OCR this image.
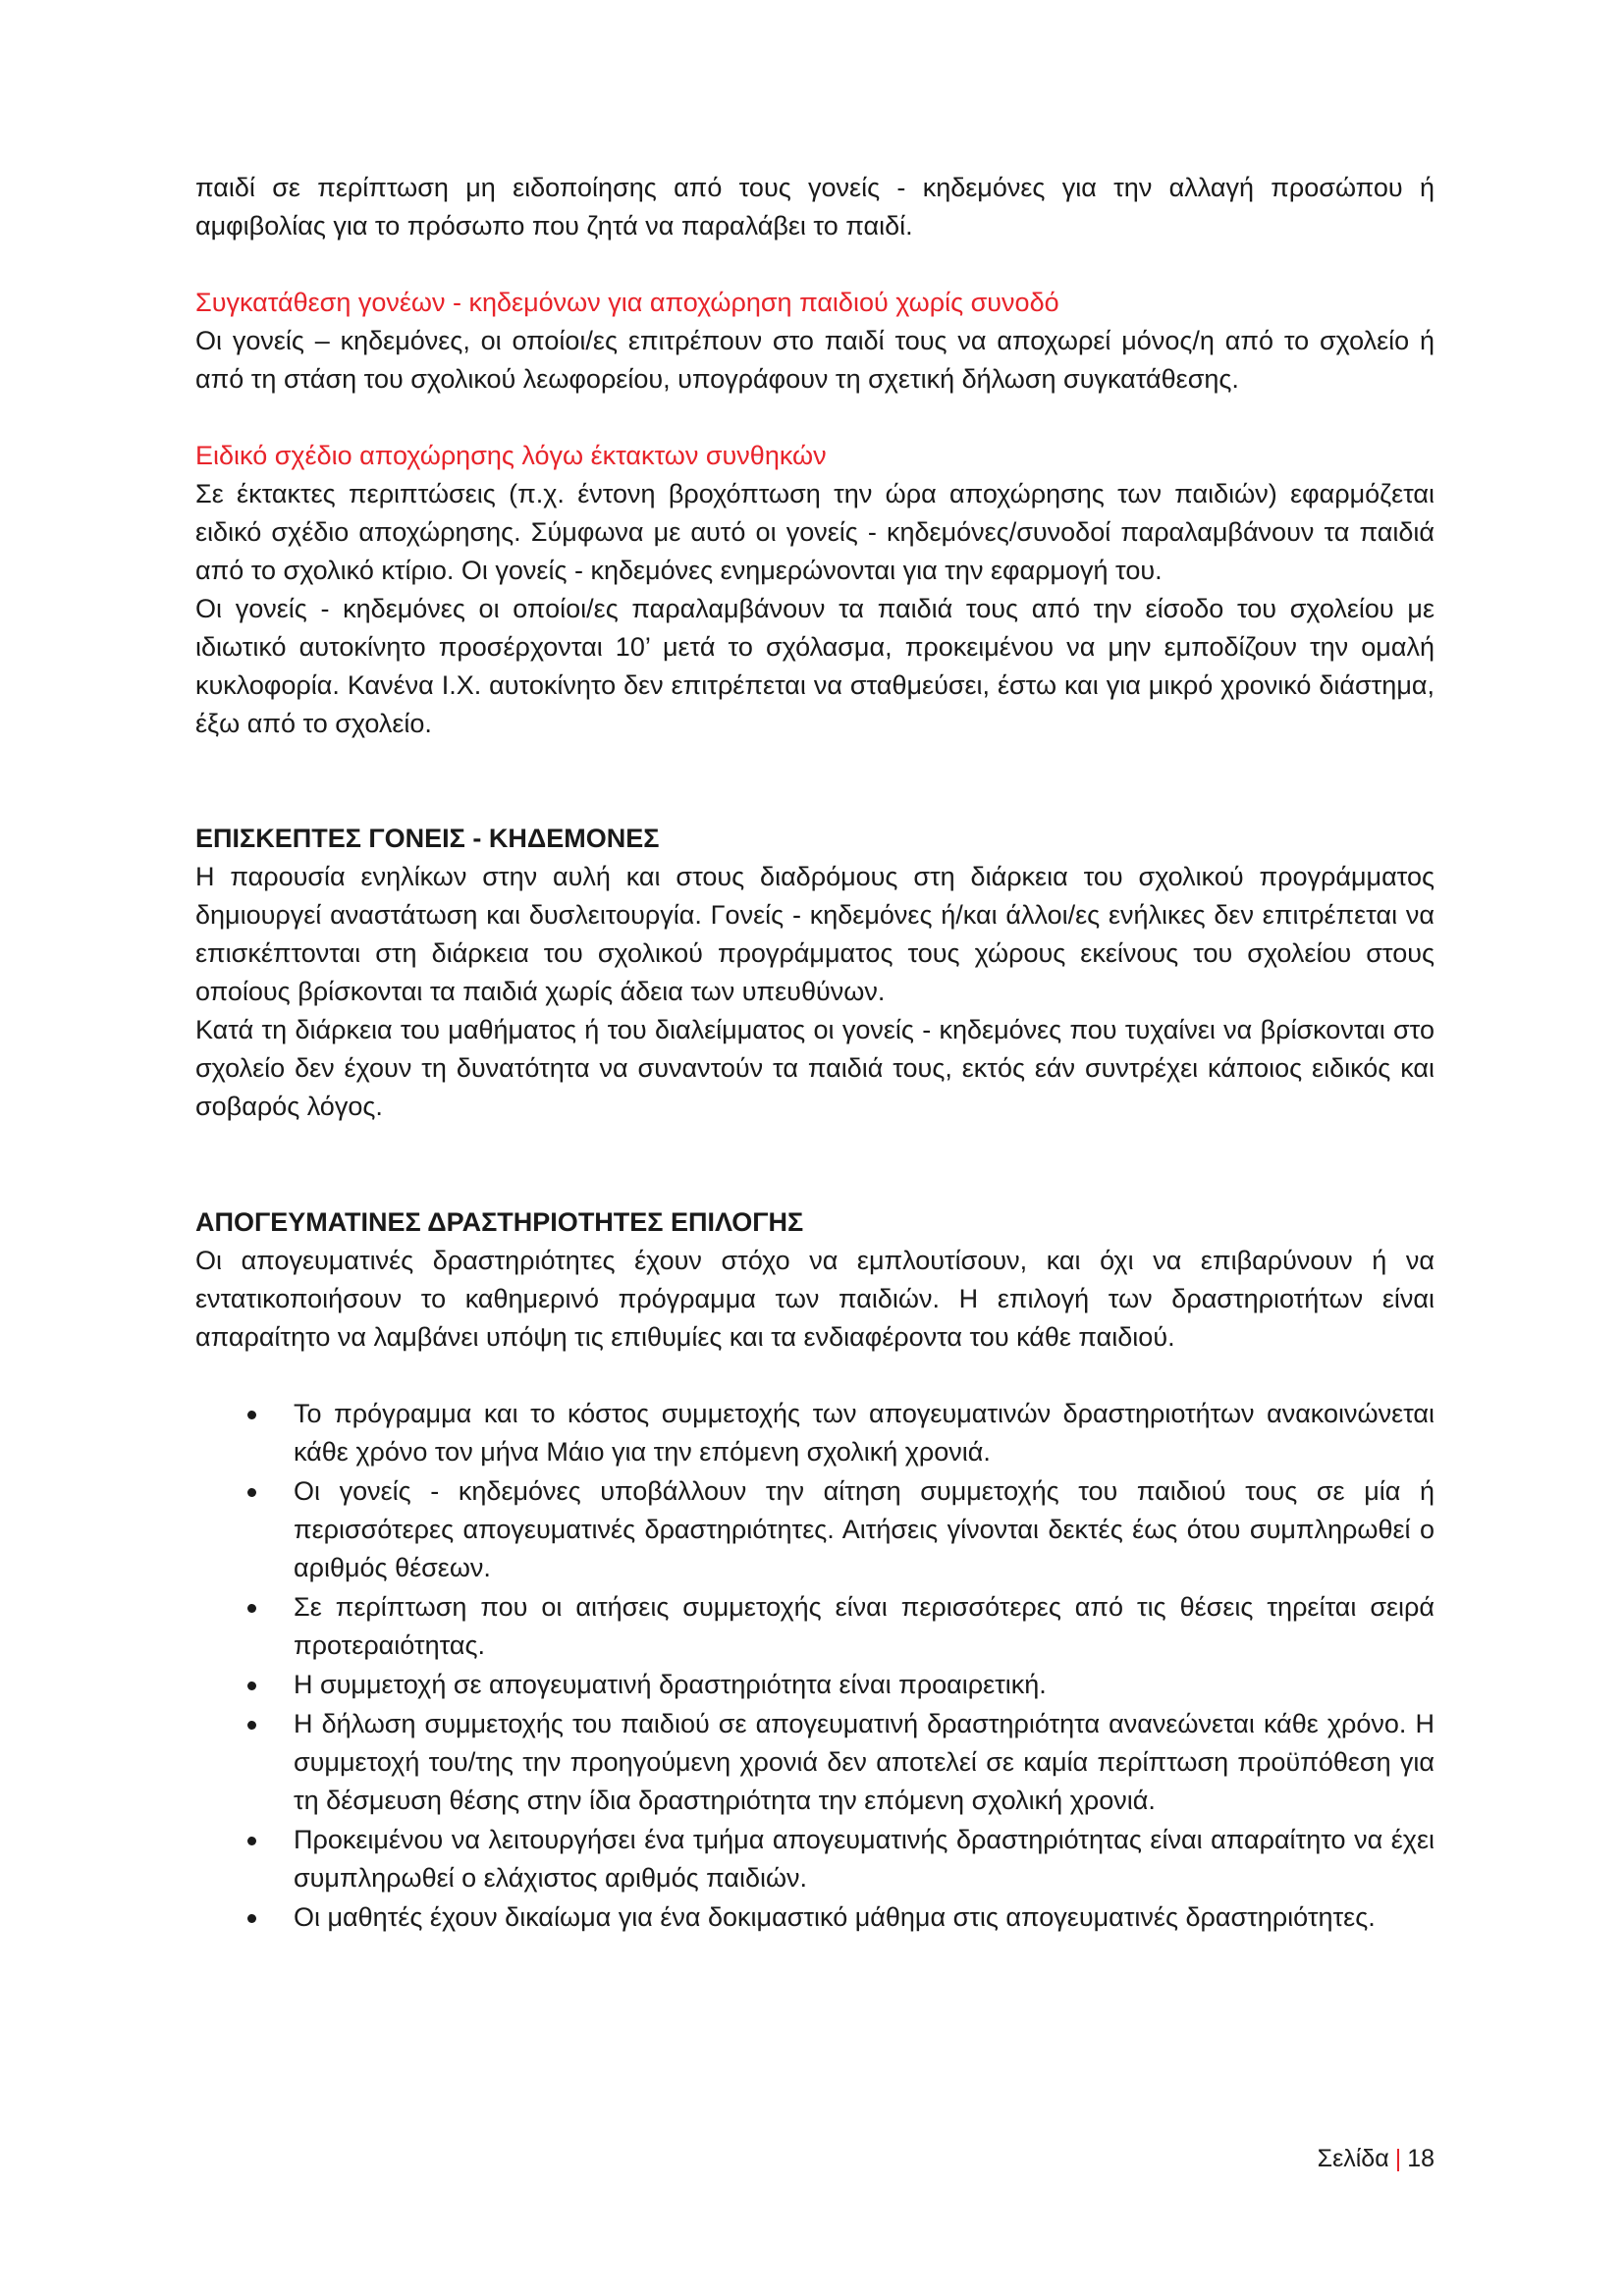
παιδί σε περίπτωση μη ειδοποίησης από τους γονείς - κηδεμόνες για την αλλαγή προσώπου ή αμφιβολίας για το πρόσωπο που ζητά να παραλάβει το παιδί.

Συγκατάθεση γονέων - κηδεμόνων για αποχώρηση παιδιού χωρίς συνοδό

Οι γονείς – κηδεμόνες, οι οποίοι/ες επιτρέπουν στο παιδί τους να αποχωρεί μόνος/η από το σχολείο ή από τη στάση του σχολικού λεωφορείου, υπογράφουν τη σχετική δήλωση συγκατάθεσης.

Ειδικό σχέδιο αποχώρησης λόγω έκτακτων συνθηκών

Σε έκτακτες περιπτώσεις (π.χ. έντονη βροχόπτωση την ώρα αποχώρησης των παιδιών) εφαρμόζεται ειδικό σχέδιο αποχώρησης. Σύμφωνα με αυτό οι γονείς - κηδεμόνες/συνοδοί παραλαμβάνουν τα παιδιά από το σχολικό κτίριο. Οι γονείς - κηδεμόνες ενημερώνονται για την εφαρμογή του.

Οι γονείς - κηδεμόνες οι οποίοι/ες παραλαμβάνουν τα παιδιά τους από την είσοδο του σχολείου με ιδιωτικό αυτοκίνητο προσέρχονται 10’ μετά το σχόλασμα, προκειμένου να μην εμποδίζουν την ομαλή κυκλοφορία. Κανένα Ι.Χ. αυτοκίνητο δεν επιτρέπεται να σταθμεύσει, έστω και για μικρό χρονικό διάστημα, έξω από το σχολείο.

ΕΠΙΣΚΕΠΤΕΣ ΓΟΝΕΙΣ - ΚΗΔΕΜΟΝΕΣ

Η παρουσία ενηλίκων στην αυλή και στους διαδρόμους στη διάρκεια του σχολικού προγράμματος δημιουργεί αναστάτωση και δυσλειτουργία. Γονείς - κηδεμόνες ή/και άλλοι/ες ενήλικες δεν επιτρέπεται να επισκέπτονται στη διάρκεια του σχολικού προγράμματος τους χώρους εκείνους του σχολείου στους οποίους βρίσκονται τα παιδιά χωρίς άδεια των υπευθύνων.

Κατά τη διάρκεια του μαθήματος ή του διαλείμματος οι γονείς - κηδεμόνες που τυχαίνει να βρίσκονται στο σχολείο δεν έχουν τη δυνατότητα να συναντούν τα παιδιά τους, εκτός εάν συντρέχει κάποιος ειδικός και σοβαρός λόγος.

ΑΠΟΓΕΥΜΑΤΙΝΕΣ ΔΡΑΣΤΗΡΙΟΤΗΤΕΣ ΕΠΙΛΟΓΗΣ

Οι απογευματινές δραστηριότητες έχουν στόχο να εμπλουτίσουν, και όχι να επιβαρύνουν ή να εντατικοποιήσουν το καθημερινό πρόγραμμα των παιδιών. Η επιλογή των δραστηριοτήτων είναι απαραίτητο να λαμβάνει υπόψη τις επιθυμίες και τα ενδιαφέροντα του κάθε παιδιού.

Το πρόγραμμα και το κόστος συμμετοχής των απογευματινών δραστηριοτήτων ανακοινώνεται κάθε χρόνο τον μήνα Μάιο για την επόμενη σχολική χρονιά.
Οι γονείς - κηδεμόνες υποβάλλουν την αίτηση συμμετοχής του παιδιού τους σε μία ή περισσότερες απογευματινές δραστηριότητες. Αιτήσεις γίνονται δεκτές έως ότου συμπληρωθεί ο αριθμός θέσεων.
Σε περίπτωση που οι αιτήσεις συμμετοχής είναι περισσότερες από τις θέσεις τηρείται σειρά προτεραιότητας.
Η συμμετοχή σε απογευματινή δραστηριότητα είναι προαιρετική.
Η δήλωση συμμετοχής του παιδιού σε απογευματινή δραστηριότητα ανανεώνεται κάθε χρόνο. Η συμμετοχή του/της την προηγούμενη χρονιά δεν αποτελεί σε καμία περίπτωση προϋπόθεση για τη δέσμευση θέσης στην ίδια δραστηριότητα την επόμενη σχολική χρονιά.
Προκειμένου να λειτουργήσει ένα τμήμα απογευματινής δραστηριότητας είναι απαραίτητο να έχει συμπληρωθεί ο ελάχιστος αριθμός παιδιών.
Οι μαθητές έχουν δικαίωμα για ένα δοκιμαστικό μάθημα στις απογευματινές δραστηριότητες.
Σελίδα | 18
